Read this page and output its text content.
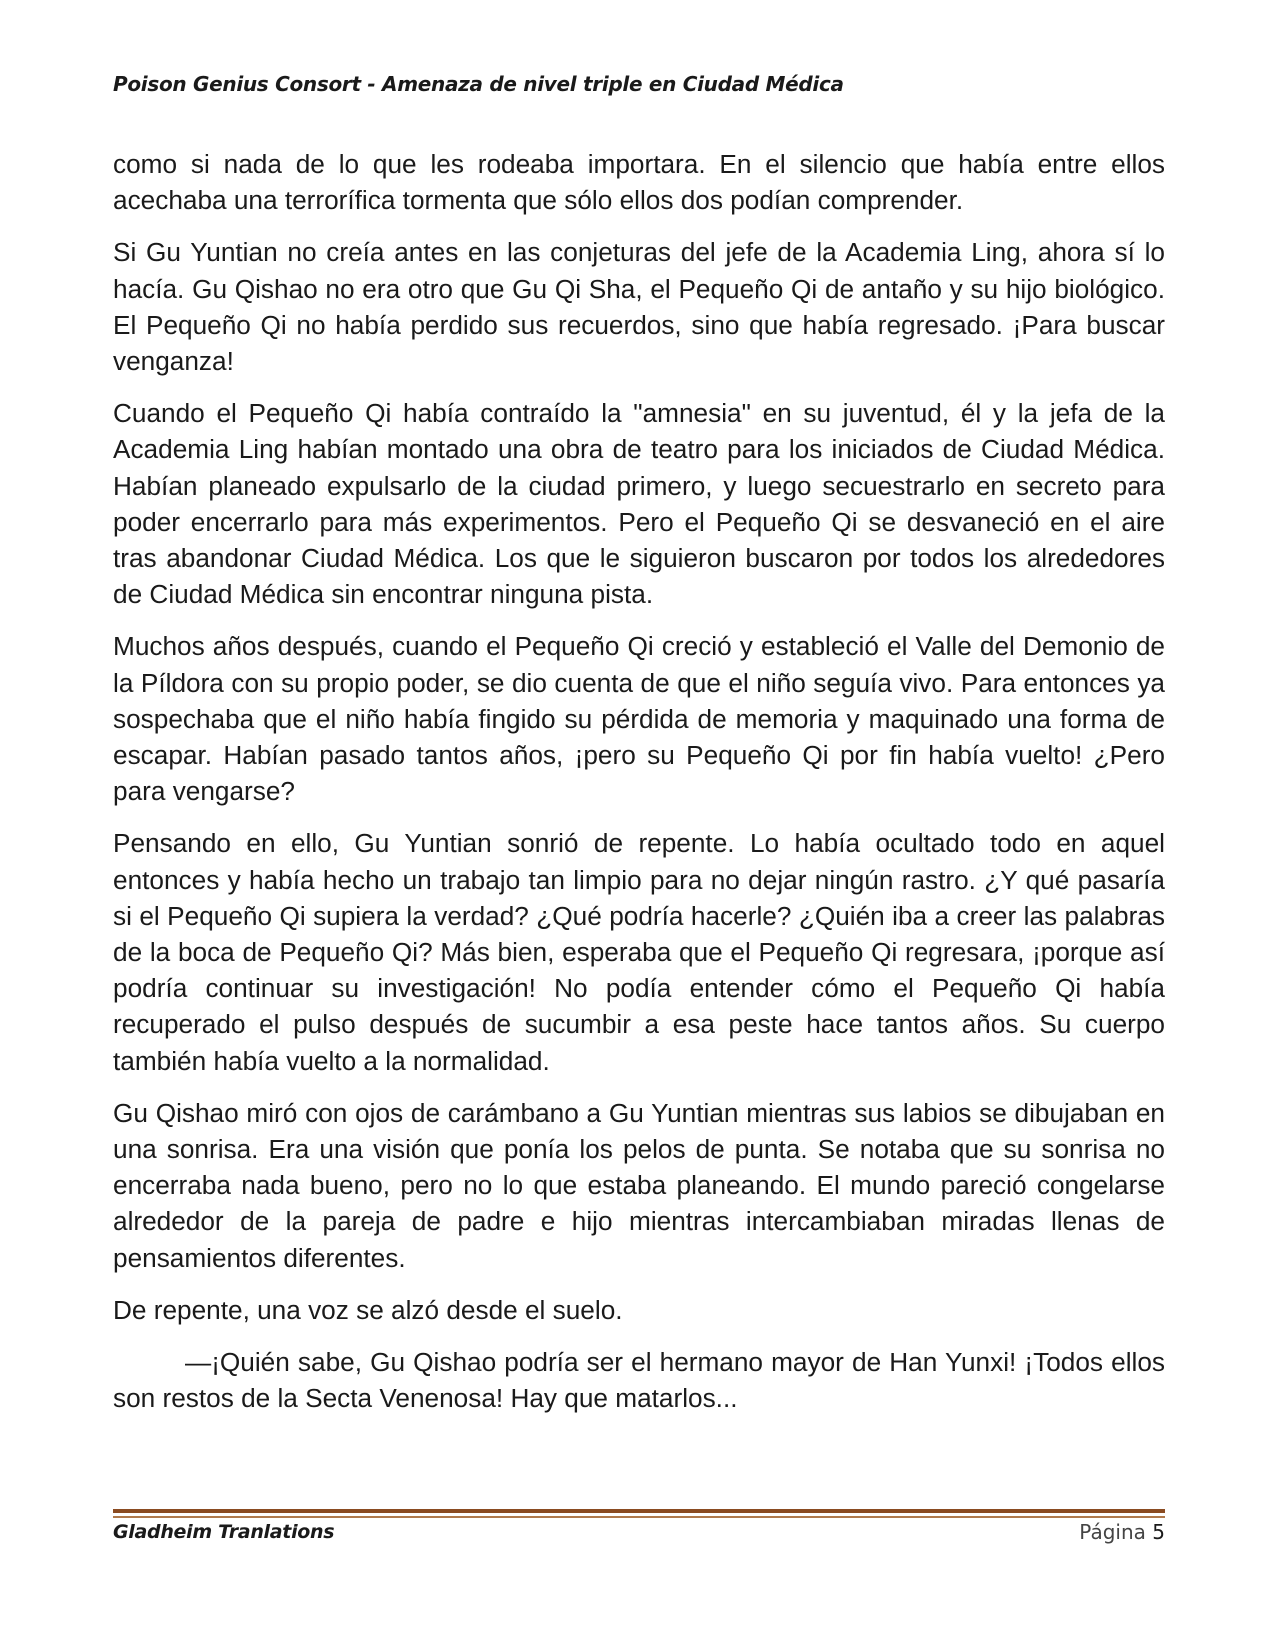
Poison Genius Consort - Amenaza de nivel triple en Ciudad Médica

como si nada de lo que les rodeaba importara. En el silencio que había entre ellos acechaba una terrorífica tormenta que sólo ellos dos podían comprender.

Si Gu Yuntian no creía antes en las conjeturas del jefe de la Academia Ling, ahora sí lo hacía. Gu Qishao no era otro que Gu Qi Sha, el Pequeño Qi de antaño y su hijo biológico. El Pequeño Qi no había perdido sus recuerdos, sino que había regresado. ¡Para buscar venganza!

Cuando el Pequeño Qi había contraído la "amnesia" en su juventud, él y la jefa de la Academia Ling habían montado una obra de teatro para los iniciados de Ciudad Médica. Habían planeado expulsarlo de la ciudad primero, y luego secuestrarlo en secreto para poder encerrarlo para más experimentos. Pero el Pequeño Qi se desvaneció en el aire tras abandonar Ciudad Médica. Los que le siguieron buscaron por todos los alrededores de Ciudad Médica sin encontrar ninguna pista.

Muchos años después, cuando el Pequeño Qi creció y estableció el Valle del Demonio de la Píldora con su propio poder, se dio cuenta de que el niño seguía vivo. Para entonces ya sospechaba que el niño había fingido su pérdida de memoria y maquinado una forma de escapar. Habían pasado tantos años, ¡pero su Pequeño Qi por fin había vuelto! ¿Pero para vengarse?

Pensando en ello, Gu Yuntian sonrió de repente. Lo había ocultado todo en aquel entonces y había hecho un trabajo tan limpio para no dejar ningún rastro. ¿Y qué pasaría si el Pequeño Qi supiera la verdad? ¿Qué podría hacerle? ¿Quién iba a creer las palabras de la boca de Pequeño Qi? Más bien, esperaba que el Pequeño Qi regresara, ¡porque así podría continuar su investigación! No podía entender cómo el Pequeño Qi había recuperado el pulso después de sucumbir a esa peste hace tantos años. Su cuerpo también había vuelto a la normalidad.

Gu Qishao miró con ojos de carámbano a Gu Yuntian mientras sus labios se dibujaban en una sonrisa. Era una visión que ponía los pelos de punta. Se notaba que su sonrisa no encerraba nada bueno, pero no lo que estaba planeando. El mundo pareció congelarse alrededor de la pareja de padre e hijo mientras intercambiaban miradas llenas de pensamientos diferentes.

De repente, una voz se alzó desde el suelo.

—¡Quién sabe, Gu Qishao podría ser el hermano mayor de Han Yunxi! ¡Todos ellos son restos de la Secta Venenosa! Hay que matarlos...

Gladheim Tranlations	Página 5
